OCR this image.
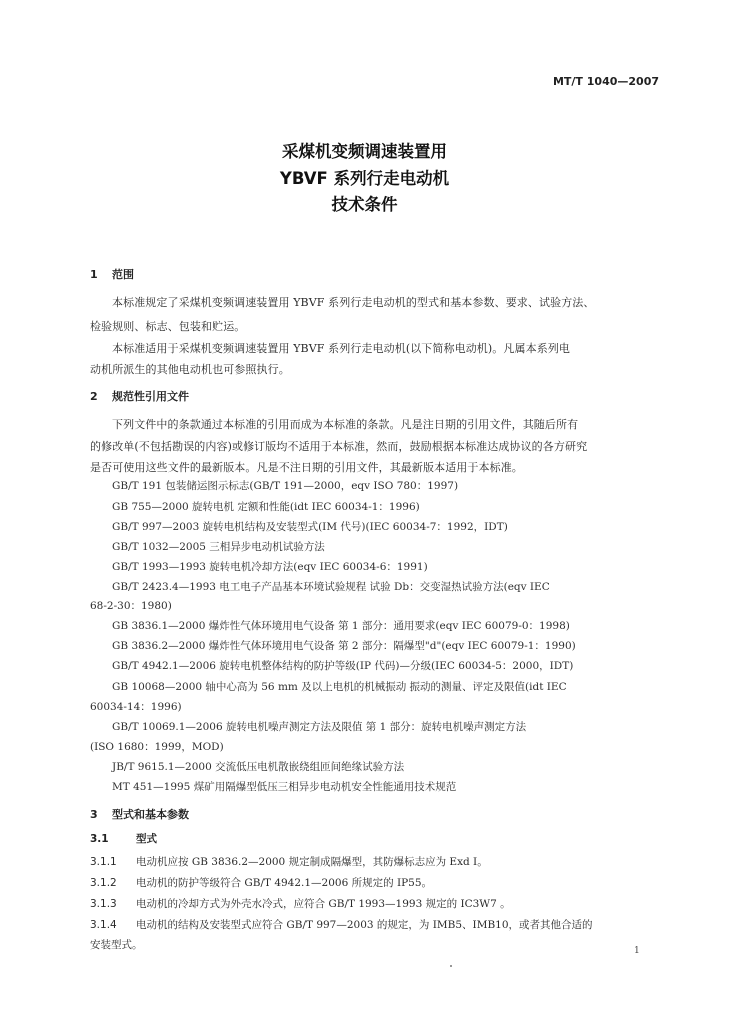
MT/T 1040—2007
采煤机变频调速装置用
YBVF 系列行走电动机
技术条件
1 范围
本标准规定了采煤机变频调速装置用 YBVF 系列行走电动机的型式和基本参数、要求、试验方法、
检验规则、标志、包装和贮运。
本标准适用于采煤机变频调速装置用 YBVF 系列行走电动机(以下简称电动机)。凡属本系列电
动机所派生的其他电动机也可参照执行。
2 规范性引用文件
下列文件中的条款通过本标准的引用而成为本标准的条款。凡是注日期的引用文件，其随后所有
的修改单(不包括勘误的内容)或修订版均不适用于本标准，然而，鼓励根据本标准达成协议的各方研究
是否可使用这些文件的最新版本。凡是不注日期的引用文件，其最新版本适用于本标准。
GB/T 191 包装储运图示标志(GB/T 191—2000，eqv ISO 780：1997)
GB 755—2000 旋转电机 定额和性能(idt IEC 60034-1：1996)
GB/T 997—2003 旋转电机结构及安装型式(IM 代号)(IEC 60034-7：1992，IDT)
GB/T 1032—2005 三相异步电动机试验方法
GB/T 1993—1993 旋转电机冷却方法(eqv IEC 60034-6：1991)
GB/T 2423.4—1993 电工电子产品基本环境试验规程 试验 Db：交变湿热试验方法(eqv IEC
68-2-30：1980)
GB 3836.1—2000 爆炸性气体环境用电气设备 第 1 部分：通用要求(eqv IEC 60079-0：1998)
GB 3836.2—2000 爆炸性气体环境用电气设备 第 2 部分：隔爆型"d"(eqv IEC 60079-1：1990)
GB/T 4942.1—2006 旋转电机整体结构的防护等级(IP 代码)—分级(IEC 60034-5：2000，IDT)
GB 10068—2000 轴中心高为 56 mm 及以上电机的机械振动 振动的测量、评定及限值(idt IEC
60034-14：1996)
GB/T 10069.1—2006 旋转电机噪声测定方法及限值 第 1 部分：旋转电机噪声测定方法
(ISO 1680：1999，MOD)
JB/T 9615.1—2000 交流低压电机散嵌绕组匝间绝缘试验方法
MT 451—1995 煤矿用隔爆型低压三相异步电动机安全性能通用技术规范
3 型式和基本参数
3.1	型式
3.1.1 电动机应按 GB 3836.2—2000 规定制成隔爆型，其防爆标志应为 Exd Ⅰ。
3.1.2 电动机的防护等级符合 GB/T 4942.1—2006 所规定的 IP55。
3.1.3 电动机的冷却方式为外壳水冷式，应符合 GB/T 1993—1993 规定的 IC3W7 。
3.1.4 电动机的结构及安装型式应符合 GB/T 997—2003 的规定，为 IMB5、IMB10，或者其他合适的
安装型式。	1
